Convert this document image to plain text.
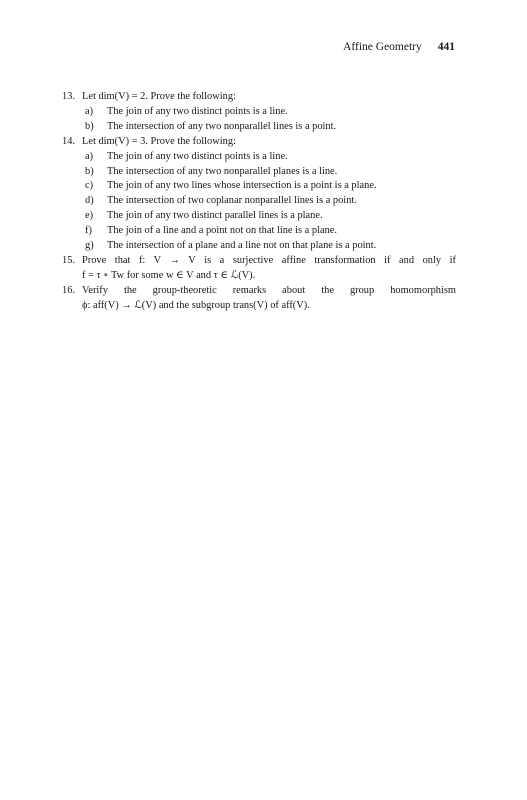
Affine Geometry 441
13. Let dim(V) = 2. Prove the following:
a)	The join of any two distinct points is a line.
b)	The intersection of any two nonparallel lines is a point.
14. Let dim(V) = 3. Prove the following:
a)	The join of any two distinct points is a line.
b)	The intersection of any two nonparallel planes is a line.
c)	The join of any two lines whose intersection is a point is a plane.
d)	The intersection of two coplanar nonparallel lines is a point.
e)	The join of any two distinct parallel lines is a plane.
f)	The join of a line and a point not on that line is a plane.
g)	The intersection of a plane and a line not on that plane is a point.
15. Prove that f: V → V is a surjective affine transformation if and only if
f = τ ∘ Tw for some w ∈ V and τ ∈ ℒ(V).
16. Verify the group-theoretic remarks about the group homomorphism
ϕ: aff(V) → ℒ(V) and the subgroup trans(V) of aff(V).
